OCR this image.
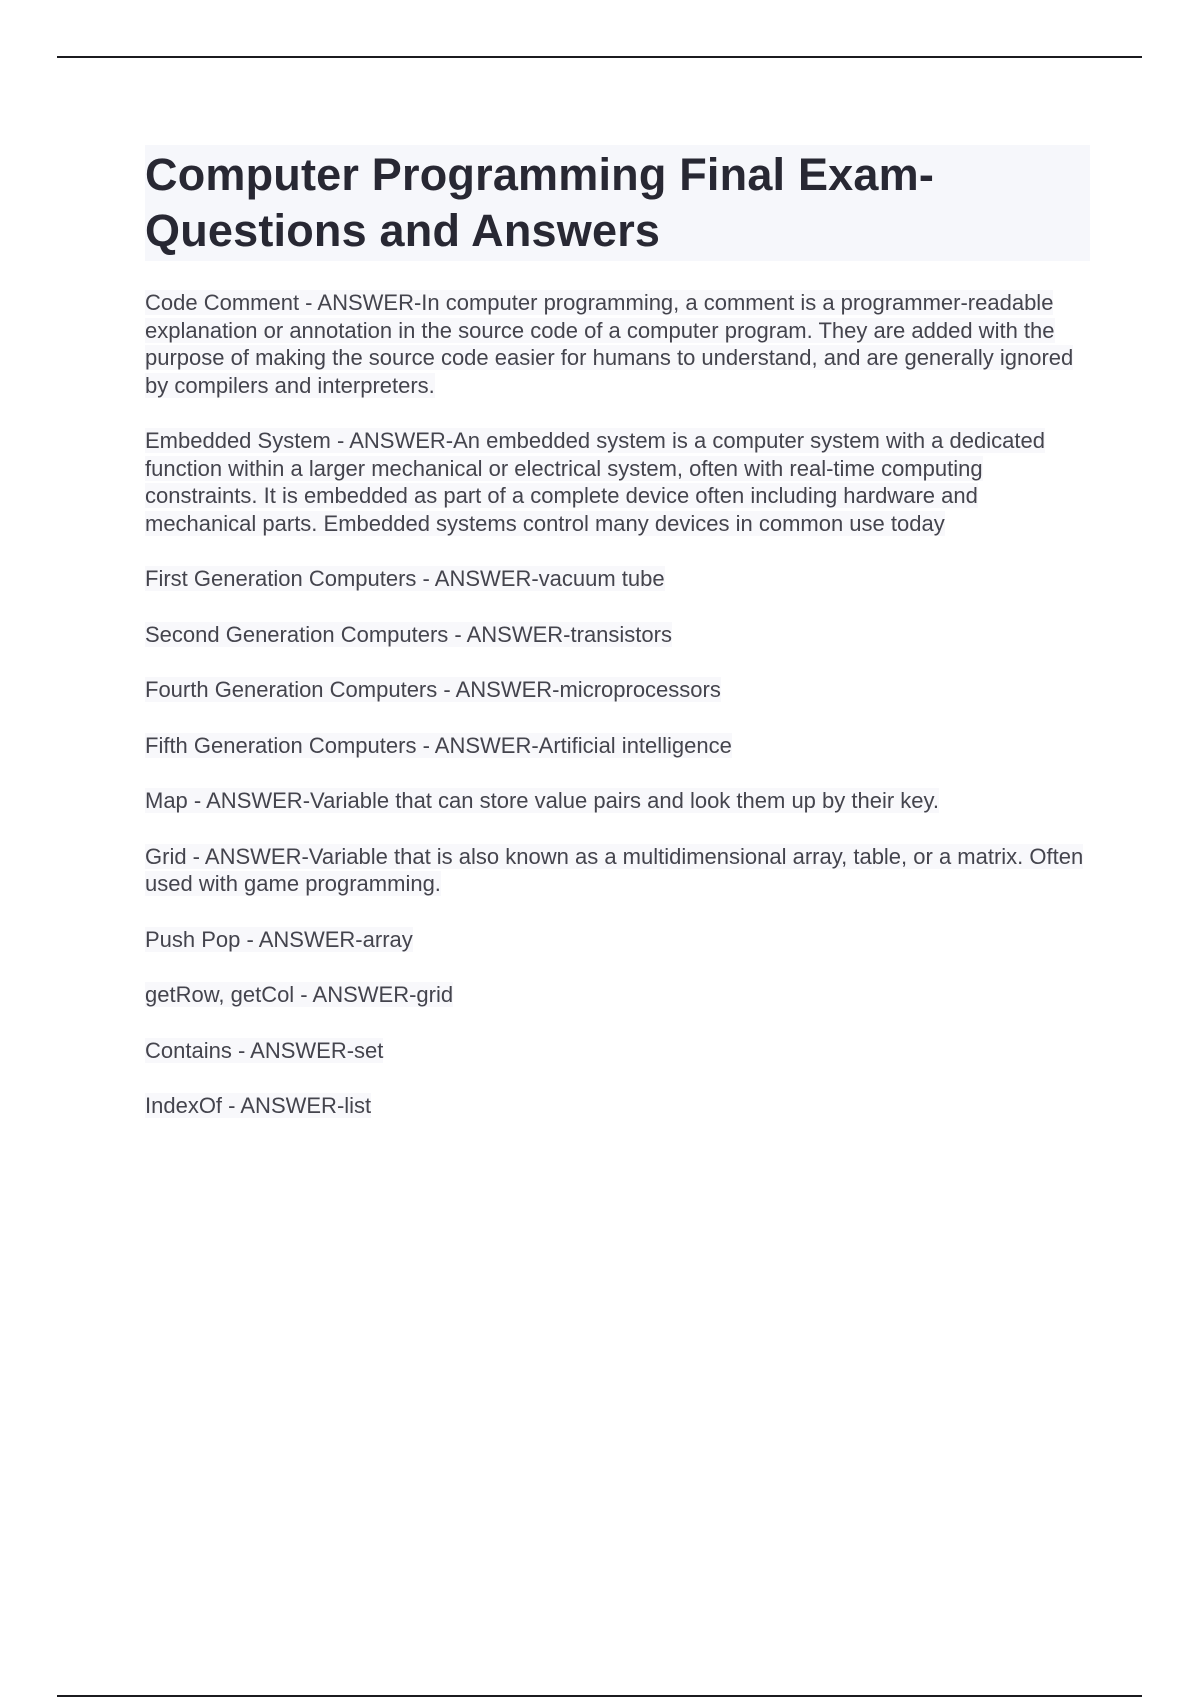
Computer Programming Final Exam- Questions and Answers
Code Comment - ANSWER-In computer programming, a comment is a programmer-readable explanation or annotation in the source code of a computer program. They are added with the purpose of making the source code easier for humans to understand, and are generally ignored by compilers and interpreters.
Embedded System - ANSWER-An embedded system is a computer system with a dedicated function within a larger mechanical or electrical system, often with real-time computing constraints. It is embedded as part of a complete device often including hardware and mechanical parts. Embedded systems control many devices in common use today
First Generation Computers - ANSWER-vacuum tube
Second Generation Computers - ANSWER-transistors
Fourth Generation Computers - ANSWER-microprocessors
Fifth Generation Computers - ANSWER-Artificial intelligence
Map - ANSWER-Variable that can store value pairs and look them up by their key.
Grid - ANSWER-Variable that is also known as a multidimensional array, table, or a matrix. Often used with game programming.
Push Pop - ANSWER-array
getRow, getCol - ANSWER-grid
Contains - ANSWER-set
IndexOf - ANSWER-list
